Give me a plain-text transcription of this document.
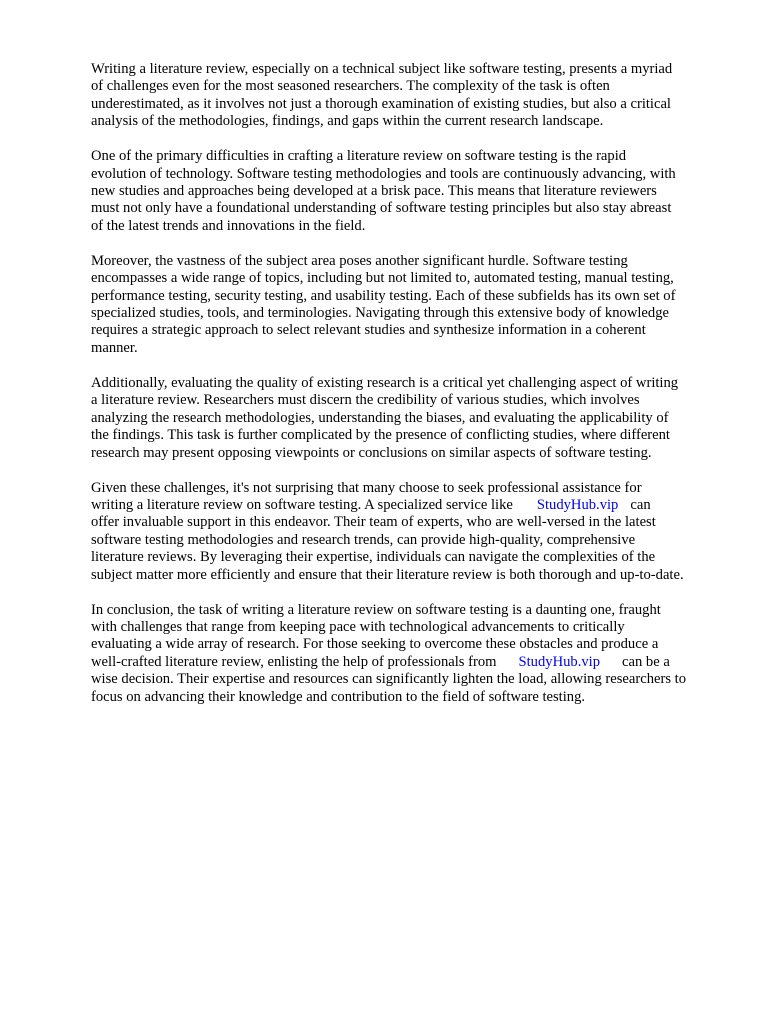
Writing a literature review, especially on a technical subject like software testing, presents a myriad
of challenges even for the most seasoned researchers. The complexity of the task is often
underestimated, as it involves not just a thorough examination of existing studies, but also a critical
analysis of the methodologies, findings, and gaps within the current research landscape.

One of the primary difficulties in crafting a literature review on software testing is the rapid
evolution of technology. Software testing methodologies and tools are continuously advancing, with
new studies and approaches being developed at a brisk pace. This means that literature reviewers
must not only have a foundational understanding of software testing principles but also stay abreast
of the latest trends and innovations in the field.

Moreover, the vastness of the subject area poses another significant hurdle. Software testing
encompasses a wide range of topics, including but not limited to, automated testing, manual testing,
performance testing, security testing, and usability testing. Each of these subfields has its own set of
specialized studies, tools, and terminologies. Navigating through this extensive body of knowledge
requires a strategic approach to select relevant studies and synthesize information in a coherent
manner.

Additionally, evaluating the quality of existing research is a critical yet challenging aspect of writing
a literature review. Researchers must discern the credibility of various studies, which involves
analyzing the research methodologies, understanding the biases, and evaluating the applicability of
the findings. This task is further complicated by the presence of conflicting studies, where different
research may present opposing viewpoints or conclusions on similar aspects of software testing.

Given these challenges, it's not surprising that many choose to seek professional assistance for
writing a literature review on software testing. A specialized service like StudyHub.vip can
offer invaluable support in this endeavor. Their team of experts, who are well-versed in the latest
software testing methodologies and research trends, can provide high-quality, comprehensive
literature reviews. By leveraging their expertise, individuals can navigate the complexities of the
subject matter more efficiently and ensure that their literature review is both thorough and up-to-date.

In conclusion, the task of writing a literature review on software testing is a daunting one, fraught
with challenges that range from keeping pace with technological advancements to critically
evaluating a wide array of research. For those seeking to overcome these obstacles and produce a
well-crafted literature review, enlisting the help of professionals from StudyHub.vip can be a
wise decision. Their expertise and resources can significantly lighten the load, allowing researchers to
focus on advancing their knowledge and contribution to the field of software testing.
